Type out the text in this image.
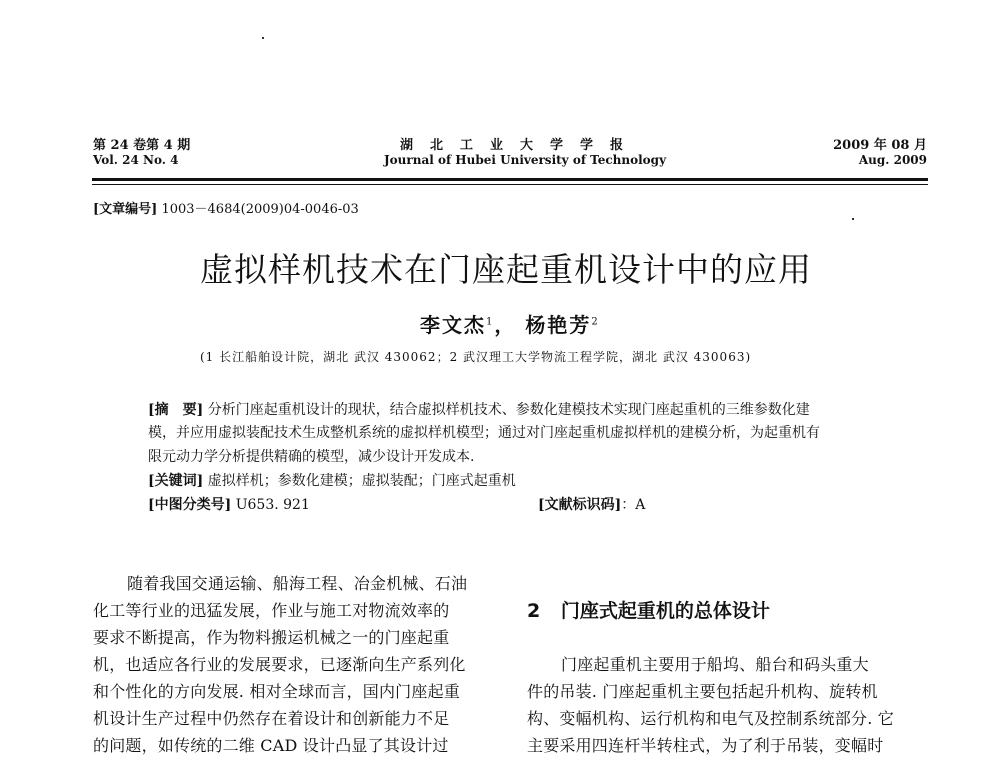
第 24 卷第 4 期
Vol. 24 No. 4
湖　北　工　业　大　学　学　报
Journal of Hubei University of Technology
2009 年 08 月
Aug. 2009
[文章编号] 1003－4684(2009)04-0046-03
虚拟样机技术在门座起重机设计中的应用
李文杰$^1$， 杨艳芳$^2$
(1 长江船舶设计院，湖北 武汉 430062；2 武汉理工大学物流工程学院，湖北 武汉 430063)
[摘　要] 分析门座起重机设计的现状，结合虚拟样机技术、参数化建模技术实现门座起重机的三维参数化建
模，并应用虚拟装配技术生成整机系统的虚拟样机模型；通过对门座起重机虚拟样机的建模分析，为起重机有
限元动力学分析提供精确的模型，减少设计开发成本.
[关键词] 虚拟样机；参数化建模；虚拟装配；门座式起重机
[中图分类号] U653. 921	[文献标识码]：A
随着我国交通运输、船海工程、冶金机械、石油
化工等行业的迅猛发展，作业与施工对物流效率的
要求不断提高，作为物料搬运机械之一的门座起重
机，也适应各行业的发展要求，已逐渐向生产系列化
和个性化的方向发展. 相对全球而言，国内门座起重
机设计生产过程中仍然存在着设计和创新能力不足
的问题，如传统的二维 CAD 设计凸显了其设计过
2 门座式起重机的总体设计
门座起重机主要用于船坞、船台和码头重大
件的吊装. 门座起重机主要包括起升机构、旋转机
构、变幅机构、运行机构和电气及控制系统部分. 它
主要采用四连杆半转柱式，为了利于吊装，变幅时
